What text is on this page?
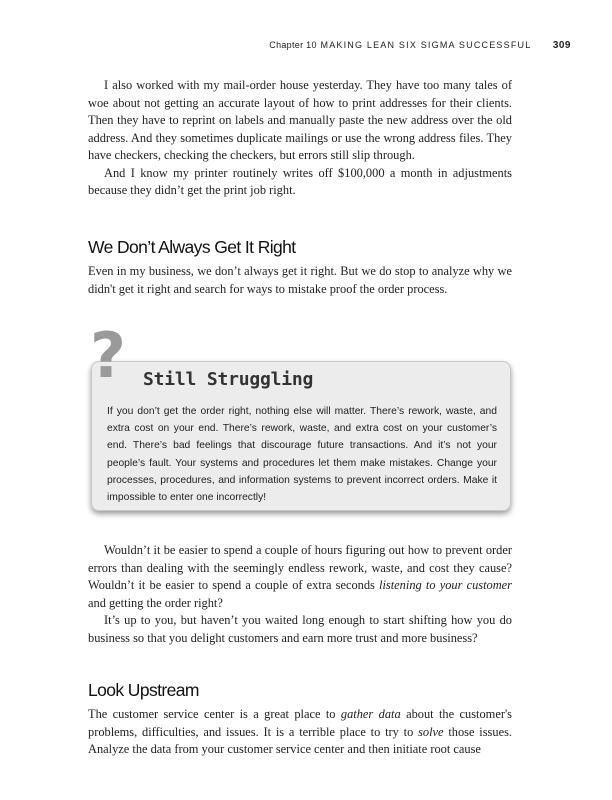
Chapter 10 MAKING LEAN SIX SIGMA SUCCESSFUL 309

I also worked with my mail-order house yesterday. They have too many tales of woe about not getting an accurate layout of how to print addresses for their clients. Then they have to reprint on labels and manually paste the new address over the old address. And they sometimes duplicate mailings or use the wrong address files. They have checkers, checking the checkers, but errors still slip through.

And I know my printer routinely writes off $100,000 a month in adjustments because they didn’t get the print job right.

We Don’t Always Get It Right

Even in my business, we don’t always get it right. But we do stop to analyze why we didn't get it right and search for ways to mistake proof the order process.

? Still Struggling

If you don’t get the order right, nothing else will matter. There’s rework, waste, and extra cost on your end. There’s rework, waste, and extra cost on your customer’s end. There’s bad feelings that discourage future transactions. And it’s not your people’s fault. Your systems and procedures let them make mistakes. Change your processes, procedures, and information systems to prevent incorrect orders. Make it impossible to enter one incorrectly!

Wouldn’t it be easier to spend a couple of hours figuring out how to prevent order errors than dealing with the seemingly endless rework, waste, and cost they cause? Wouldn’t it be easier to spend a couple of extra seconds listening to your customer and getting the order right?

It’s up to you, but haven’t you waited long enough to start shifting how you do business so that you delight customers and earn more trust and more business?

Look Upstream

The customer service center is a great place to gather data about the customer's problems, difficulties, and issues. It is a terrible place to try to solve those issues. Analyze the data from your customer service center and then initiate root cause
